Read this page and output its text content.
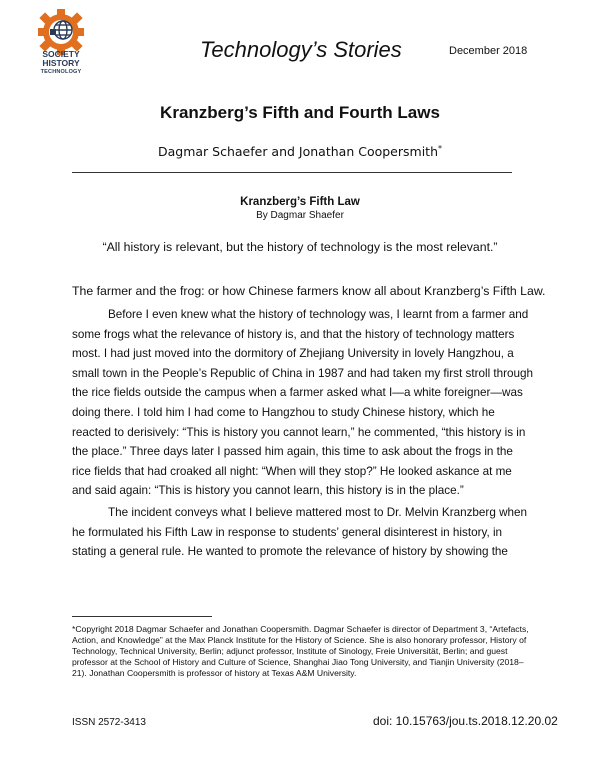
SOCIETY
HISTORY
TECHNOLOGY
Technology’s Stories	December 2018
Kranzberg’s Fifth and Fourth Laws
Dagmar Schaefer and Jonathan Coopersmith*
Kranzberg’s Fifth Law
By Dagmar Shaefer
“All history is relevant, but the history of technology is the most relevant.”
The farmer and the frog: or how Chinese farmers know all about Kranzberg’s Fifth Law.

Before I even knew what the history of technology was, I learnt from a farmer and some frogs what the relevance of history is, and that the history of technology matters most. I had just moved into the dormitory of Zhejiang University in lovely Hangzhou, a small town in the People’s Republic of China in 1987 and had taken my first stroll through the rice fields outside the campus when a farmer asked what I—a white foreigner—was doing there. I told him I had come to Hangzhou to study Chinese history, which he reacted to derisively: “This is history you cannot learn,” he commented, “this history is in the place.” Three days later I passed him again, this time to ask about the frogs in the rice fields that had croaked all night: “When will they stop?” He looked askance at me and said again: “This is history you cannot learn, this history is in the place.”

The incident conveys what I believe mattered most to Dr. Melvin Kranzberg when he formulated his Fifth Law in response to students’ general disinterest in history, in stating a general rule. He wanted to promote the relevance of history by showing the

*Copyright 2018 Dagmar Schaefer and Jonathan Coopersmith. Dagmar Schaefer is director of Department 3, “Artefacts, Action, and Knowledge” at the Max Planck Institute for the History of Science. She is also honorary professor, History of Technology, Technical University, Berlin; adjunct professor, Institute of Sinology, Freie Universität, Berlin; and guest professor at the School of History and Culture of Science, Shanghai Jiao Tong University, and Tianjin University (2018–21). Jonathan Coopersmith is professor of history at Texas A&M University.
ISSN 2572-3413	doi: 10.15763/jou.ts.2018.12.20.02
